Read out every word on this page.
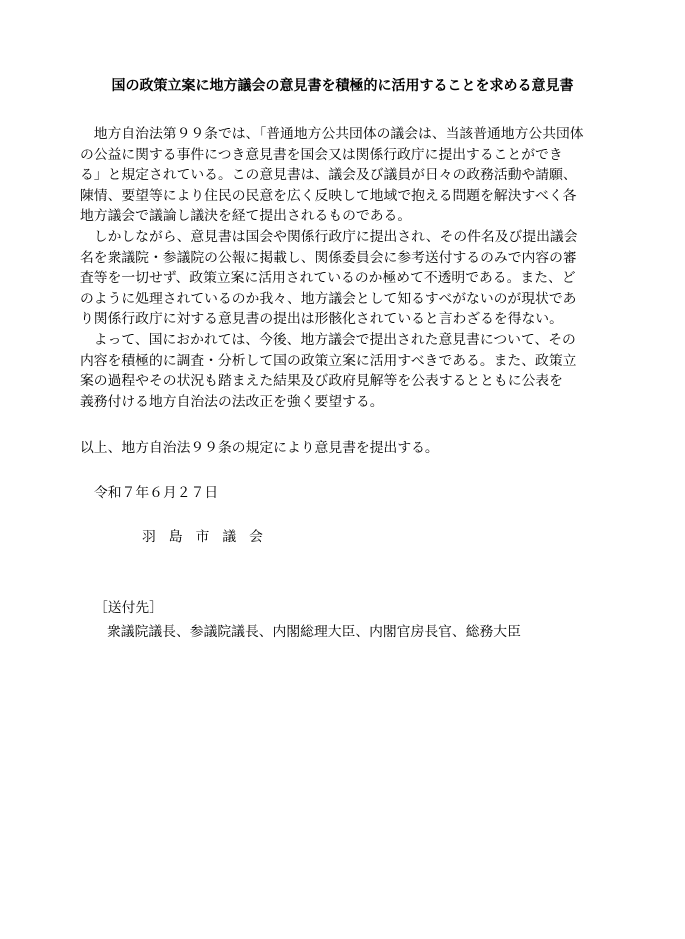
国の政策立案に地方議会の意見書を積極的に活用することを求める意見書
　地方自治法第９９条では、「普通地方公共団体の議会は、当該普通地方公共団体
の公益に関する事件につき意見書を国会又は関係行政庁に提出することができ
る」と規定されている。この意見書は、議会及び議員が日々の政務活動や請願、
陳情、要望等により住民の民意を広く反映して地域で抱える問題を解決すべく各
地方議会で議論し議決を経て提出されるものである。
　しかしながら、意見書は国会や関係行政庁に提出され、その件名及び提出議会
名を衆議院・参議院の公報に掲載し、関係委員会に参考送付するのみで内容の審
査等を一切せず、政策立案に活用されているのか極めて不透明である。また、ど
のように処理されているのか我々、地方議会として知るすべがないのが現状であ
り関係行政庁に対する意見書の提出は形骸化されていると言わざるを得ない。
　よって、国におかれては、今後、地方議会で提出された意見書について、その
内容を積極的に調査・分析して国の政策立案に活用すべきである。また、政策立
案の過程やその状況も踏まえた結果及び政府見解等を公表するとともに公表を
義務付ける地方自治法の法改正を強く要望する。
以上、地方自治法９９条の規定により意見書を提出する。
令和７年６月２７日
羽島市議会
［送付先］
衆議院議長、参議院議長、内閣総理大臣、内閣官房長官、総務大臣
